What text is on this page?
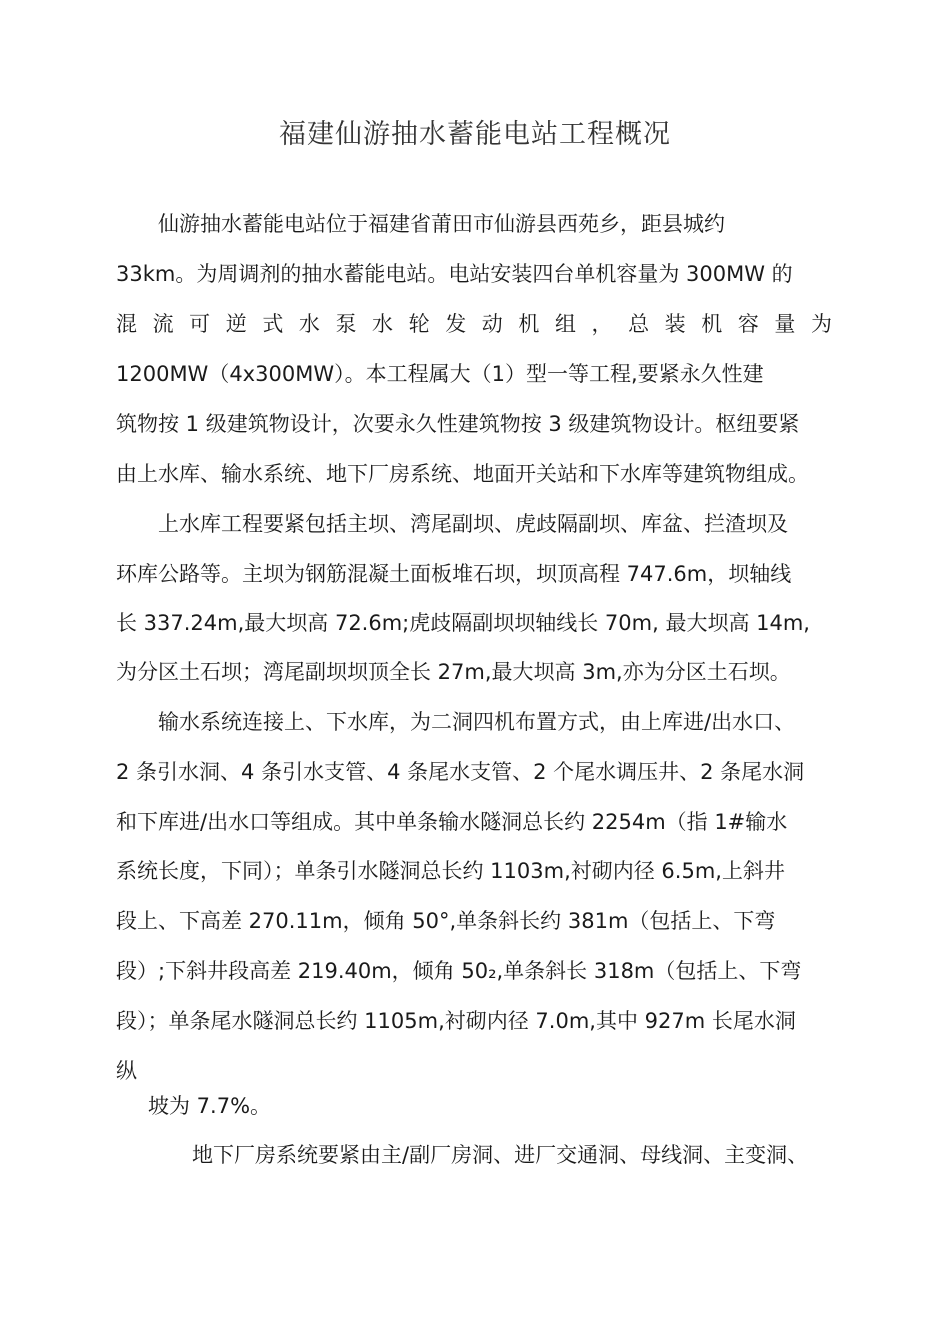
福建仙游抽水蓄能电站工程概况
仙游抽水蓄能电站位于福建省莆田市仙游县西苑乡，距县城约
33km。为周调剂的抽水蓄能电站。电站安装四台单机容量为 300MW 的
混 流 可 逆 式 水 泵 水 轮 发 动 机 组 ， 总 装 机 容 量 为
1200MW（4x300MW）。本工程属大（1）型一等工程,要紧永久性建
筑物按 1 级建筑物设计，次要永久性建筑物按 3 级建筑物设计。枢纽要紧
由上水库、输水系统、地下厂房系统、地面开关站和下水库等建筑物组成。
上水库工程要紧包括主坝、湾尾副坝、虎歧隔副坝、库盆、拦渣坝及
环库公路等。主坝为钢筋混凝土面板堆石坝，坝顶高程 747.6m，坝轴线
长 337.24m,最大坝高 72.6m;虎歧隔副坝坝轴线长 70m, 最大坝高 14m,
为分区土石坝；湾尾副坝坝顶全长 27m,最大坝高 3m,亦为分区土石坝。
输水系统连接上、下水库，为二洞四机布置方式，由上库进/出水口、
2 条引水洞、4 条引水支管、4 条尾水支管、2 个尾水调压井、2 条尾水洞
和下库进/出水口等组成。其中单条输水隧洞总长约 2254m（指 1#输水
系统长度，下同）；单条引水隧洞总长约 1103m,衬砌内径 6.5m,上斜井
段上、下高差 270.11m，倾角 50°,单条斜长约 381m（包括上、下弯
段）;下斜井段高差 219.40m，倾角 50₂,单条斜长 318m（包括上、下弯
段）；单条尾水隧洞总长约 1105m,衬砌内径 7.0m,其中 927m 长尾水洞
纵
坡为 7.7%。
地下厂房系统要紧由主/副厂房洞、进厂交通洞、母线洞、主变洞、
